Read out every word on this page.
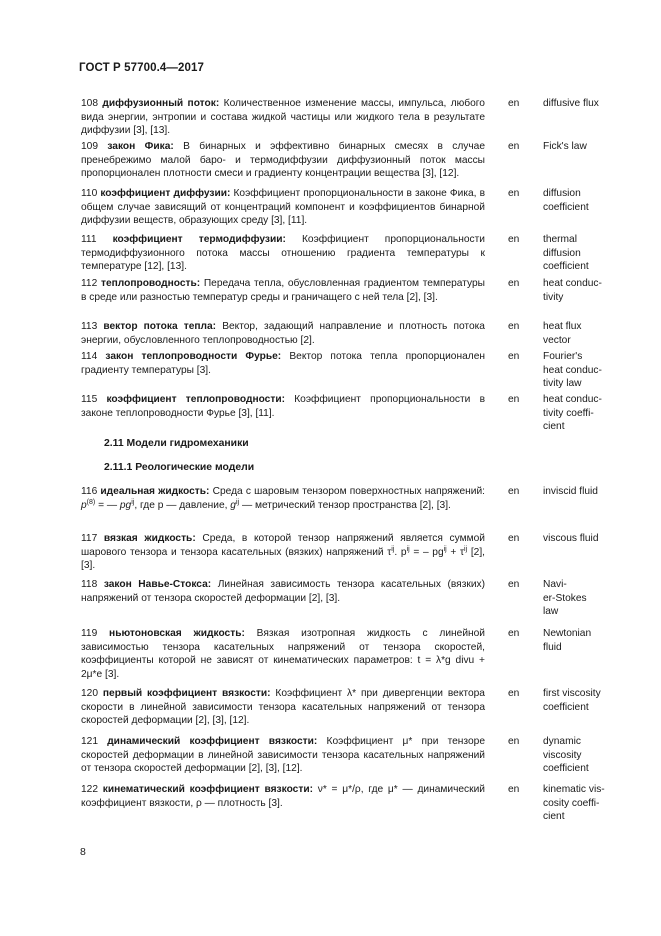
ГОСТ Р 57700.4—2017
108 диффузионный поток: Количественное изменение массы, импульса, любого вида энергии, энтропии и состава жидкой частицы или жидкого тела в результате диффузии [3], [13].
en diffusive flux
109 закон Фика: В бинарных и эффективно бинарных смесях в случае пренебрежимо малой баро- и термодиффузии диффузионный поток массы пропорционален плотности смеси и градиенту концентрации вещества [3], [12].
en Fick's law
110 коэффициент диффузии: Коэффициент пропорциональности в законе Фика, в общем случае зависящий от концентраций компонент и коэффициентов бинарной диффузии веществ, образующих среду [3], [11].
en diffusion
coefficient
111 коэффициент термодиффузии: Коэффициент пропорциональности термодиффузионного потока массы отношению градиента температуры к температуре [12], [13].
en thermal
diffusion
coefficient
112 теплопроводность: Передача тепла, обусловленная градиентом температуры в среде или разностью температур среды и граничащего с ней тела [2], [3].
en heat conduc-
tivity
113 вектор потока тепла: Вектор, задающий направление и плотность потока энергии, обусловленного теплопроводностью [2].
en heat flux
vector
114 закон теплопроводности Фурье: Вектор потока тепла пропорционален градиенту температуры [3].
en Fourier's
heat conduc-
tivity law
115 коэффициент теплопроводности: Коэффициент пропорциональности в законе теплопроводности Фурье [3], [11].
en heat conduc-
tivity coeffi-
cient
2.11 Модели гидромеханики
2.11.1 Реологические модели
116 идеальная жидкость: Среда с шаровым тензором поверхностных напряжений: $p^{(8)}$ = — $pg^{ij}$, где p — давление, $g^{ij}$ — метрический тензор пространства [2], [3].
en inviscid fluid
117 вязкая жидкость: Среда, в которой тензор напряжений является суммой шарового тензора и тензора касательных (вязких) напряжений $\tau^{ij}$. $p^{ij}$ = – $pg^{ij} + \tau^{ij}$ [2], [3].
en viscous fluid
118 закон Навье-Стокса: Линейная зависимость тензора касательных (вязких) напряжений от тензора скоростей деформации [2], [3].
en Navi-
er-Stokes
law
119 ньютоновская жидкость: Вязкая изотропная жидкость с линейной зависимостью тензора касательных напряжений от тензора скоростей, коэффициенты которой не зависят от кинематических параметров: t = λ*g divu + 2μ*e [3].
en Newtonian
fluid
120 первый коэффициент вязкости: Коэффициент λ* при дивергенции вектора скорости в линейной зависимости тензора касательных напряжений от тензора скоростей деформации [2], [3], [12].
en first viscosity
coefficient
121 динамический коэффициент вязкости: Коэффициент μ* при тензоре скоростей деформации в линейной зависимости тензора касательных напряжений от тензора скоростей деформации [2], [3], [12].
en dynamic
viscosity
coefficient
122 кинематический коэффициент вязкости: ν* = μ*/ρ, где μ* — динамический коэффициент вязкости, ρ — плотность [3].
en kinematic vis-
cosity coeffi-
cient
8
